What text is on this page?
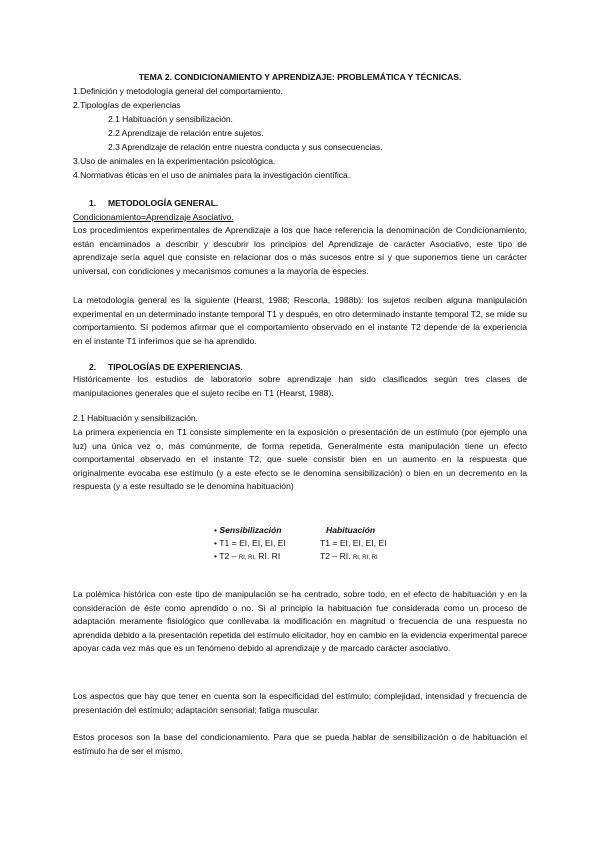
TEMA 2. CONDICIONAMIENTO Y APRENDIZAJE: PROBLEMÁTICA Y TÉCNICAS.
1.Definición y metodología general del comportamiento.
2.Tipologías de experiencias
2.1 Habituación y sensibilización.
2.2 Aprendizaje de relación entre sujetos.
2.3 Aprendizaje de relación entre nuestra conducta y sus consecuencias.
3.Uso de animales en la experimentación psicológica.
4.Normativas éticas en el uso de animales para la investigación científica.
1. METODOLOGÍA GENERAL.
Condicionamiento=Aprendizaje Asociativo.
Los procedimientos experimentales de Aprendizaje a los que hace referencia la denominación de Condicionamiento, están encaminados a describir y descubrir los principios del Aprendizaje de carácter Asociativo, este tipo de aprendizaje sería aquel que consiste en relacionar dos o más sucesos entre sí y que suponemos tiene un carácter universal, con condiciones y mecanismos comunes a la mayoría de especies.
La metodología general es la siguiente (Hearst, 1988; Rescorla, 1988b): los sujetos reciben alguna manipulación experimental en un determinado instante temporal T1 y después, en otro determinado instante temporal T2, se mide su comportamiento. Sí podemos afirmar que el comportamiento observado en el instante T2 depende de la experiencia en el instante T1 inferimos que se ha aprendido.
2. TIPOLOGÍAS DE EXPERIENCIAS.
Históricamente los estudios de laboratorio sobre aprendizaje han sido clasificados según tres clases de manipulaciones generales que el sujeto recibe en T1 (Hearst, 1988).
2.1 Habituación y sensibilización.
La primera experiencia en T1 consiste simplemente en la exposición o presentación de un estímulo (por ejemplo una luz) una única vez o, más comúnmente, de forma repetida. Generalmente esta manipulación tiene un efecto comportamental observado en el instante T2, que suele consistir bien en un aumento en la respuesta que originalmente evocaba ese estímulo (y a este efecto se le denomina sensibilización) o bien en un decremento en la respuesta (y a este resultado se le denomina habituación)
• Sensibilización
• T1 = EI, EI, EI, EI
• T2 – RI, RI, RI. RI
Habituación
T1 = EI, EI, EI, EI
T2 – RI. RI, RI, RI
La polémica histórica con este tipo de manipulación se ha centrado, sobre todo, en el efecto de habituación y en la consideración de éste como aprendido o no. Si al principio la habituación fue considerada como un proceso de adaptación meramente fisiológico que conllevaba la modificación en magnitud o frecuencia de una respuesta no aprendida debido a la presentación repetida del estímulo elicitador, hoy en cambio en la evidencia experimental parece apoyar cada vez más que es un fenómeno debido al aprendizaje y de marcado carácter asociativo.
Los aspectos que hay que tener en cuenta son la especificidad del estímulo; complejidad, intensidad y frecuencia de presentación del estímulo; adaptación sensorial; fatiga muscular.
Estos procesos son la base del condicionamiento. Para que se pueda hablar de sensibilización o de habituación el estímulo ha de ser el mismo.
